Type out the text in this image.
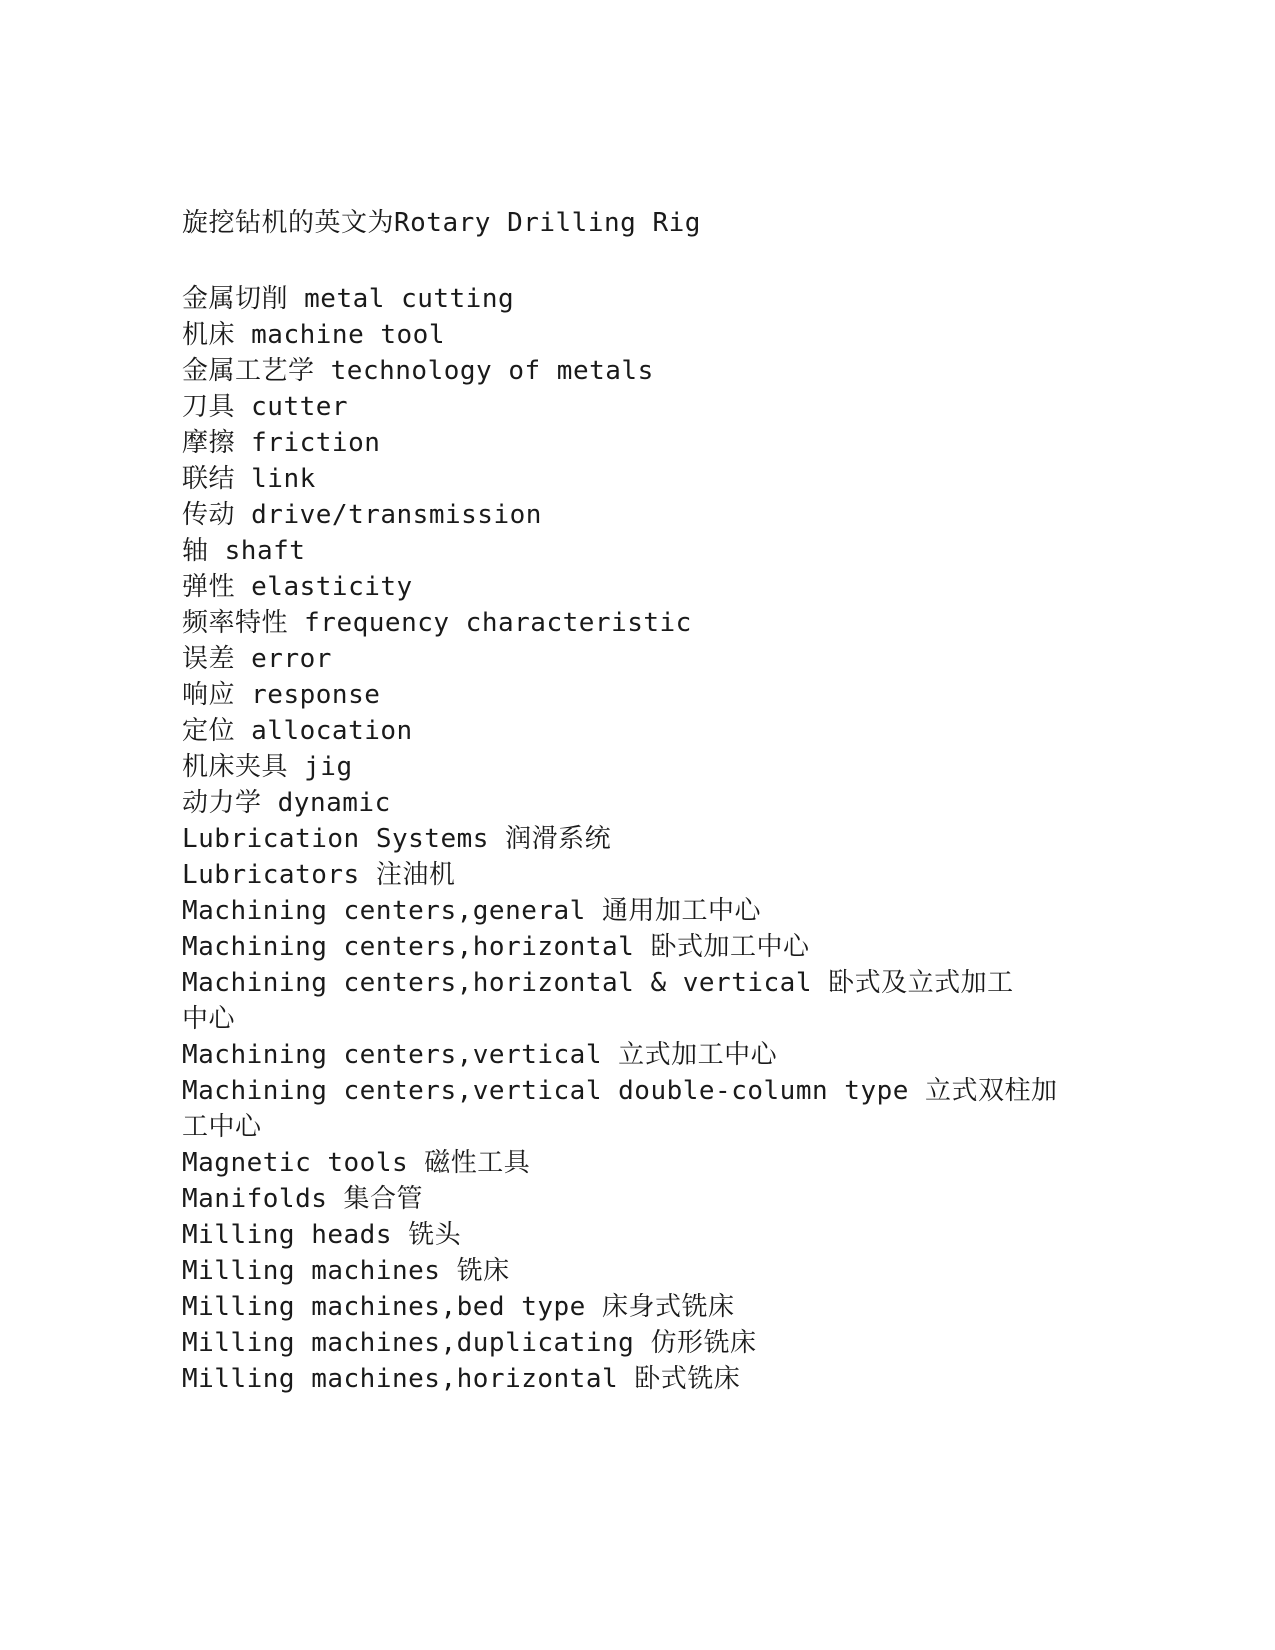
旋挖钻机的英文为Rotary Drilling Rig
金属切削 metal cutting
机床 machine tool
金属工艺学 technology of metals
刀具 cutter
摩擦 friction
联结 link
传动 drive/transmission
轴 shaft
弹性 elasticity
频率特性 frequency characteristic
误差 error
响应 response
定位 allocation
机床夹具 jig
动力学 dynamic
Lubrication Systems 润滑系统
Lubricators 注油机
Machining centers,general 通用加工中心
Machining centers,horizontal 卧式加工中心
Machining centers,horizontal & vertical 卧式及立式加工
中心
Machining centers,vertical 立式加工中心
Machining centers,vertical double-column type 立式双柱加
工中心
Magnetic tools 磁性工具
Manifolds 集合管
Milling heads 铣头
Milling machines 铣床
Milling machines,bed type 床身式铣床
Milling machines,duplicating 仿形铣床
Milling machines,horizontal 卧式铣床
